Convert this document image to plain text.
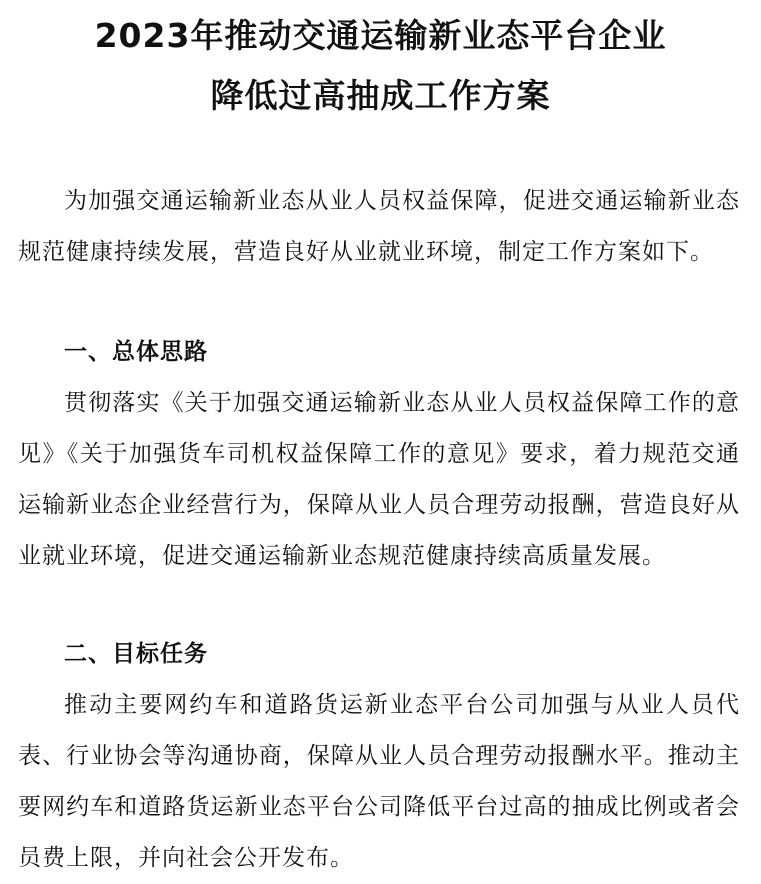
2023年推动交通运输新业态平台企业
降低过高抽成工作方案

为加强交通运输新业态从业人员权益保障，促进交通运输新业态规范健康持续发展，营造良好从业就业环境，制定工作方案如下。

一、总体思路

贯彻落实《关于加强交通运输新业态从业人员权益保障工作的意见》《关于加强货车司机权益保障工作的意见》要求，着力规范交通运输新业态企业经营行为，保障从业人员合理劳动报酬，营造良好从业就业环境，促进交通运输新业态规范健康持续高质量发展。

二、目标任务

推动主要网约车和道路货运新业态平台公司加强与从业人员代表、行业协会等沟通协商，保障从业人员合理劳动报酬水平。推动主要网约车和道路货运新业态平台公司降低平台过高的抽成比例或者会员费上限，并向社会公开发布。
